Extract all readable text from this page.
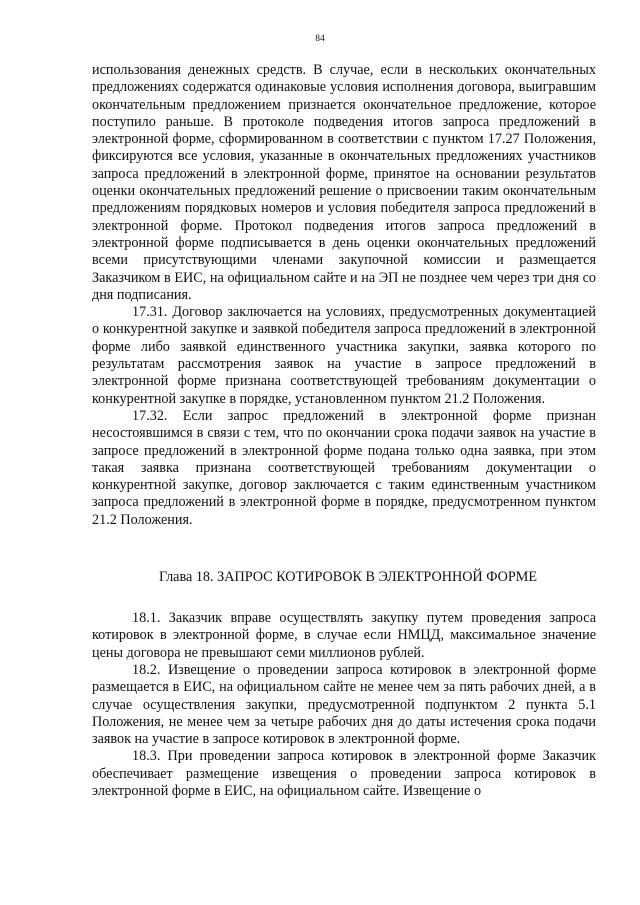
84

использования денежных средств. В случае, если в нескольких окончательных предложениях содержатся одинаковые условия исполнения договора, выигравшим окончательным предложением признается окончательное предложение, которое поступило раньше. В протоколе подведения итогов запроса предложений в электронной форме, сформированном в соответствии с пунктом 17.27 Положения, фиксируются все условия, указанные в окончательных предложениях участников запроса предложений в электронной форме, принятое на основании результатов оценки окончательных предложений решение о присвоении таким окончательным предложениям порядковых номеров и условия победителя запроса предложений в электронной форме. Протокол подведения итогов запроса предложений в электронной форме подписывается в день оценки окончательных предложений всеми присутствующими членами закупочной комиссии и размещается Заказчиком в ЕИС, на официальном сайте и на ЭП не позднее чем через три дня со дня подписания.

17.31. Договор заключается на условиях, предусмотренных документацией о конкурентной закупке и заявкой победителя запроса предложений в электронной форме либо заявкой единственного участника закупки, заявка которого по результатам рассмотрения заявок на участие в запросе предложений в электронной форме признана соответствующей требованиям документации о конкурентной закупке в порядке, установленном пунктом 21.2 Положения.

17.32. Если запрос предложений в электронной форме признан несостоявшимся в связи с тем, что по окончании срока подачи заявок на участие в запросе предложений в электронной форме подана только одна заявка, при этом такая заявка признана соответствующей требованиям документации о конкурентной закупке, договор заключается с таким единственным участником запроса предложений в электронной форме в порядке, предусмотренном пунктом 21.2 Положения.

Глава 18. ЗАПРОС КОТИРОВОК В ЭЛЕКТРОННОЙ ФОРМЕ

18.1. Заказчик вправе осуществлять закупку путем проведения запроса котировок в электронной форме, в случае если НМЦД, максимальное значение цены договора не превышают семи миллионов рублей.

18.2. Извещение о проведении запроса котировок в электронной форме размещается в ЕИС, на официальном сайте не менее чем за пять рабочих дней, а в случае осуществления закупки, предусмотренной подпунктом 2 пункта 5.1 Положения, не менее чем за четыре рабочих дня до даты истечения срока подачи заявок на участие в запросе котировок в электронной форме.

18.3. При проведении запроса котировок в электронной форме Заказчик обеспечивает размещение извещения о проведении запроса котировок в электронной форме в ЕИС, на официальном сайте. Извещение о
